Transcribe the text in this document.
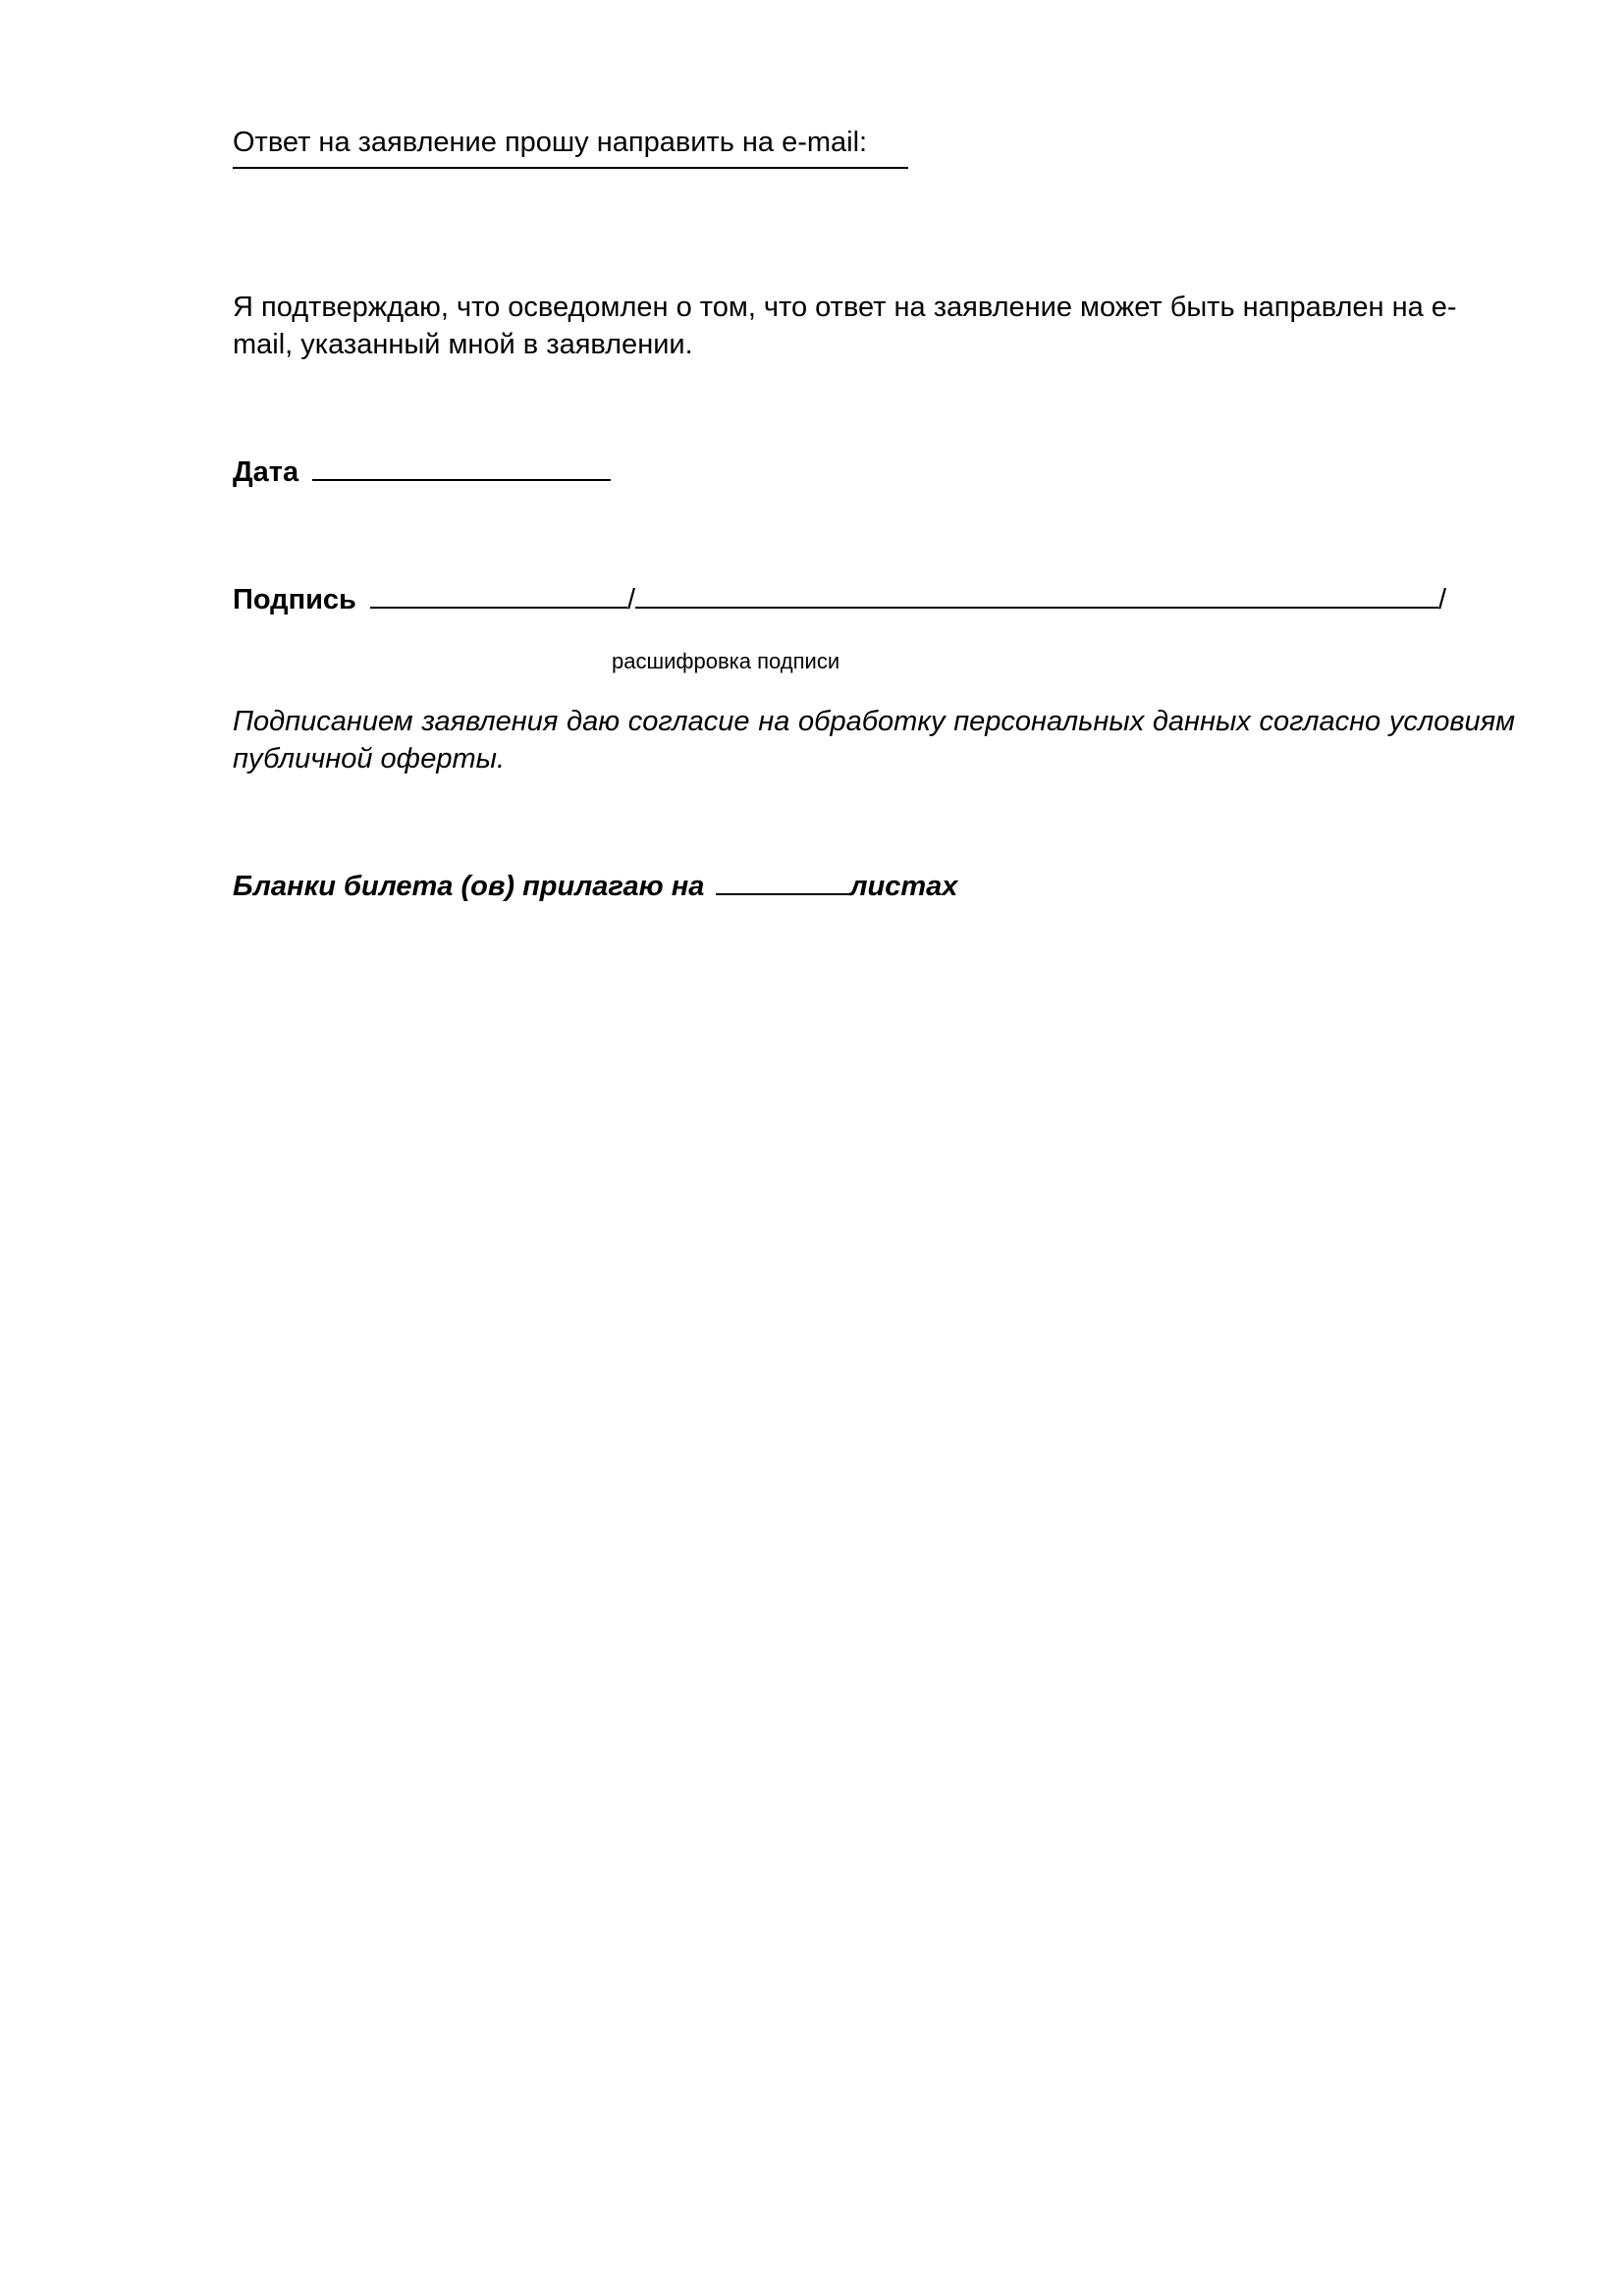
Ответ на заявление прошу направить на e-mail:
Я подтверждаю, что осведомлен о том, что ответ на заявление может быть направлен на e-mail, указанный мной в заявлении.
Дата
Подпись	/	/
расшифровка подписи
Подписанием заявления даю согласие на обработку персональных данных согласно условиям публичной оферты.
Бланки билета (ов) прилагаю на	листах
